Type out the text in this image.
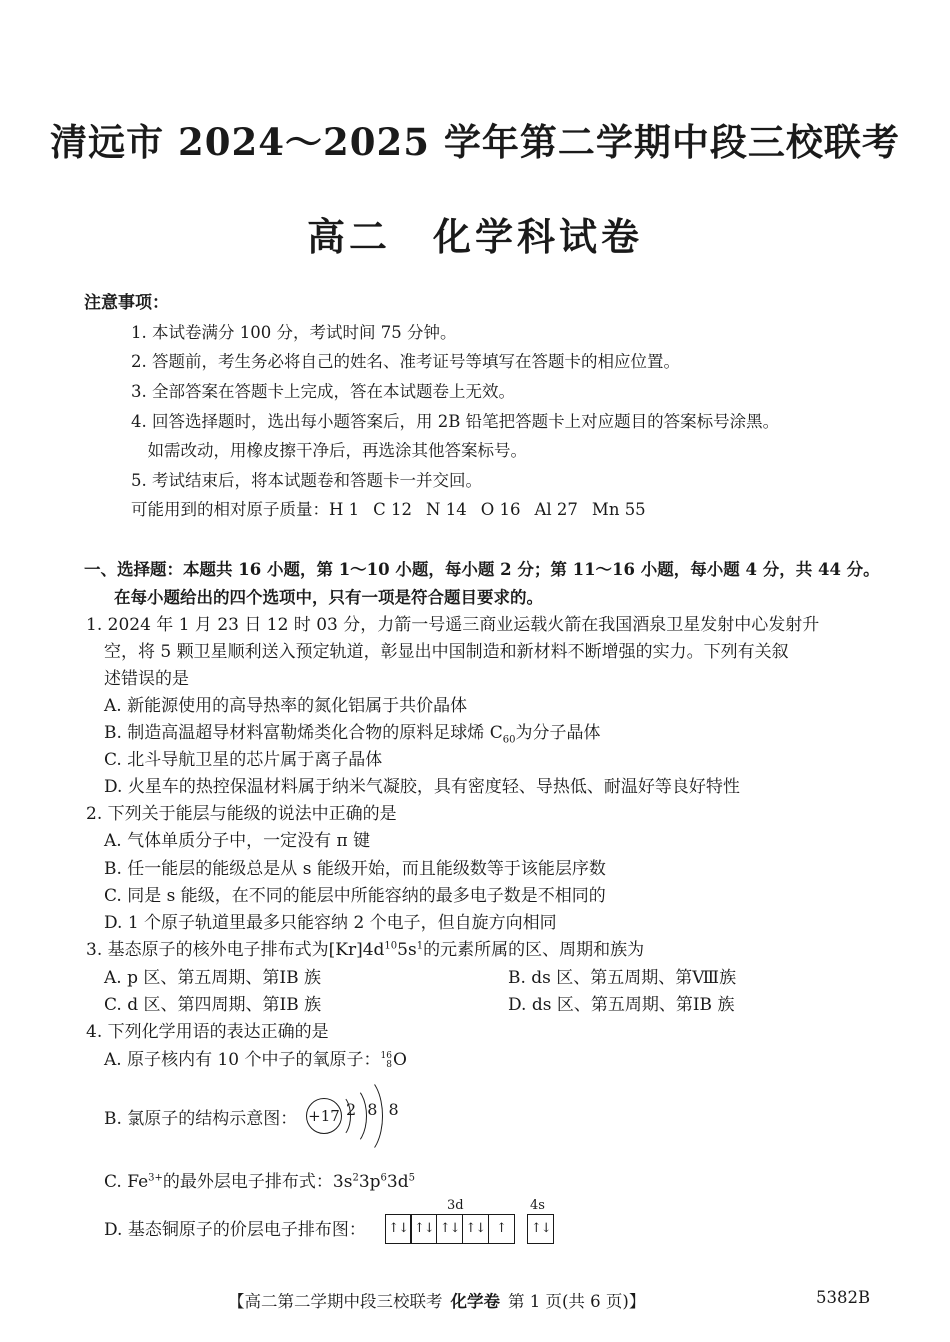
清远市 2024～2025 学年第二学期中段三校联考
高二　化学科试卷
注意事项：
1. 本试卷满分 100 分，考试时间 75 分钟。
2. 答题前，考生务必将自己的姓名、准考证号等填写在答题卡的相应位置。
3. 全部答案在答题卡上完成，答在本试题卷上无效。
4. 回答选择题时，选出每小题答案后，用 2B 铅笔把答题卡上对应题目的答案标号涂黑。
　如需改动，用橡皮擦干净后，再选涂其他答案标号。
5. 考试结束后，将本试题卷和答题卡一并交回。
可能用到的相对原子质量：H 1 C 12 N 14 O 16 Al 27 Mn 55
一、选择题：本题共 16 小题，第 1～10 小题，每小题 2 分；第 11～16 小题，每小题 4 分，共 44 分。
在每小题给出的四个选项中，只有一项是符合题目要求的。
1. 2024 年 1 月 23 日 12 时 03 分，力箭一号遥三商业运载火箭在我国酒泉卫星发射中心发射升
空，将 5 颗卫星顺利送入预定轨道，彰显出中国制造和新材料不断增强的实力。下列有关叙
述错误的是
A. 新能源使用的高导热率的氮化铝属于共价晶体
B. 制造高温超导材料富勒烯类化合物的原料足球烯 $C_{60}$为分子晶体
C. 北斗导航卫星的芯片属于离子晶体
D. 火星车的热控保温材料属于纳米气凝胶，具有密度轻、导热低、耐温好等良好特性
2. 下列关于能层与能级的说法中正确的是
A. 气体单质分子中，一定没有 π 键
B. 任一能层的能级总是从 s 能级开始，而且能级数等于该能层序数
C. 同是 s 能级，在不同的能层中所能容纳的最多电子数是不相同的
D. 1 个原子轨道里最多只能容纳 2 个电子，但自旋方向相同
3. 基态原子的核外电子排布式为$[Kr]4d^{10}5s^1$的元素所属的区、周期和族为
A. p 区、第五周期、第ⅠB 族	B. ds 区、第五周期、第Ⅷ族
C. d 区、第四周期、第ⅠB 族	D. ds 区、第五周期、第ⅠB 族
4. 下列化学用语的表达正确的是
A. 原子核内有 10 个中子的氧原子： 16
8 O
B. 氯原子的结构示意图： +17 2 8 8
C. $Fe^{3+}$的最外层电子排布式：$3s^23p^63d^5$
D. 基态铜原子的价层电子排布图：
3d	4s
↑↓ ↑↓ ↑↓ ↑↓ ↑	↑↓
【高二第二学期中段三校联考 化学卷 第 1 页(共 6 页)】	5382B
